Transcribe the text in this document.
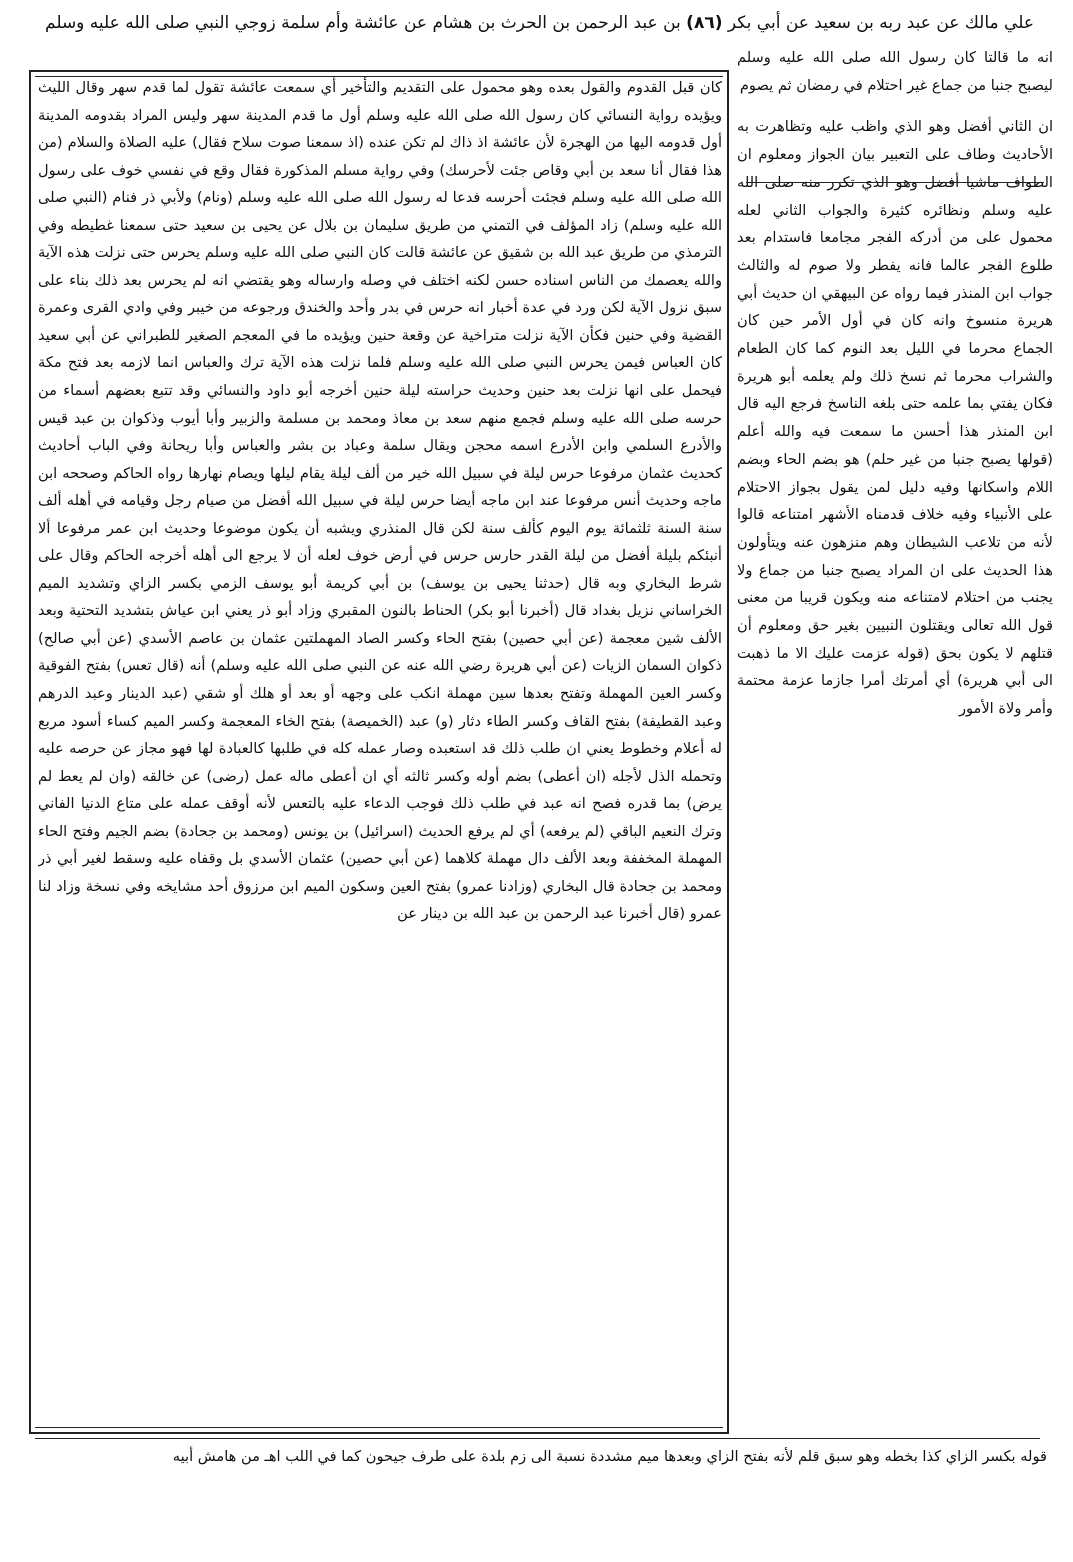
علي مالك عن عبد ربه بن سعيد عن أبي بكر (٨٦) بن عبد الرحمن بن الحرث بن هشام عن عائشة وأم سلمة زوجي النبي صلى الله عليه وسلم

كان قبل القدوم والقول بعده وهو محمول على التقديم والتأخير أي سمعت عائشة تقول لما قدم سهر وقال الليث ويؤيده رواية النسائي كان رسول الله صلى الله عليه وسلم أول ما قدم المدينة سهر وليس المراد بقدومه المدينة أول قدومه اليها من الهجرة لأن عائشة اذ ذاك لم تكن عنده (اذ سمعنا صوت سلاح فقال) عليه الصلاة والسلام (من هذا فقال أنا سعد بن أبي وقاص جئت لأحرسك) وفي رواية مسلم المذكورة فقال وقع في نفسي خوف على رسول الله صلى الله عليه وسلم فجئت أحرسه فدعا له رسول الله صلى الله عليه وسلم (ونام) ولأبي ذر فنام (النبي صلى الله عليه وسلم) زاد المؤلف في التمني من طريق سليمان بن بلال عن يحيى بن سعيد حتى سمعنا غطيطه وفي الترمذي من طريق عبد الله بن شقيق عن عائشة قالت كان النبي صلى الله عليه وسلم يحرس حتى نزلت هذه الآية والله يعصمك من الناس اسناده حسن لكنه اختلف في وصله وارساله وهو يقتضي انه لم يحرس بعد ذلك بناء على سبق نزول الآية لكن ورد في عدة أخبار انه حرس في بدر وأحد والخندق ورجوعه من خيبر وفي وادي القرى وعمرة القضية وفي حنين فكأن الآية نزلت متراخية عن وقعة حنين ويؤيده ما في المعجم الصغير للطبراني عن أبي سعيد كان العباس فيمن يحرس النبي صلى الله عليه وسلم فلما نزلت هذه الآية ترك والعباس انما لازمه بعد فتح مكة فيحمل على انها نزلت بعد حنين وحديث حراسته ليلة حنين أخرجه أبو داود والنسائي وقد تتبع بعضهم أسماء من حرسه صلى الله عليه وسلم فجمع منهم سعد بن معاذ ومحمد بن مسلمة والزبير وأبا أيوب وذكوان بن عبد قيس والأدرع السلمي وابن الأدرع اسمه محجن ويقال سلمة وعباد بن بشر والعباس وأبا ريحانة وفي الباب أحاديث كحديث عثمان مرفوعا حرس ليلة في سبيل الله خير من ألف ليلة يقام ليلها ويصام نهارها رواه الحاكم وصححه ابن ماجه وحديث أنس مرفوعا عند ابن ماجه أيضا حرس ليلة في سبيل الله أفضل من صيام رجل وقيامه في أهله ألف سنة السنة ثلثمائة يوم اليوم كألف سنة لكن قال المنذري ويشبه أن يكون موضوعا وحديث ابن عمر مرفوعا ألا أنبئكم بليلة أفضل من ليلة القدر حارس حرس في أرض خوف لعله أن لا يرجع الى أهله أخرجه الحاكم وقال على شرط البخاري وبه قال (حدثنا يحيى بن يوسف) بن أبي كريمة أبو يوسف الزمي بكسر الزاي وتشديد الميم الخراساني نزيل بغداد قال (أخبرنا أبو بكر) الحناط بالنون المقبري وزاد أبو ذر يعني ابن عياش بتشديد التحتية وبعد الألف شين معجمة (عن أبي حصين) بفتح الحاء وكسر الصاد المهملتين عثمان بن عاصم الأسدي (عن أبي صالح) ذكوان السمان الزيات (عن أبي هريرة رضي الله عنه عن النبي صلى الله عليه وسلم) أنه (قال تعس) بفتح الفوقية وكسر العين المهملة وتفتح بعدها سين مهملة انكب على وجهه أو بعد أو هلك أو شقي (عبد الدينار وعبد الدرهم وعبد القطيفة) بفتح القاف وكسر الطاء دثار (و) عبد (الخميصة) بفتح الخاء المعجمة وكسر الميم كساء أسود مربع له أعلام وخطوط يعني ان طلب ذلك قد استعبده وصار عمله كله في طلبها كالعبادة لها فهو مجاز عن حرصه عليه وتحمله الذل لأجله (ان أعطى) بضم أوله وكسر ثالثه أي ان أعطى ماله عمل (رضى) عن خالقه (وان لم يعط لم يرض) بما قدره فصح انه عبد في طلب ذلك فوجب الدعاء عليه بالتعس لأنه أوقف عمله على متاع الدنيا الفاني وترك النعيم الباقي (لم يرفعه) أي لم يرفع الحديث (اسرائيل) بن يونس (ومحمد بن جحادة) بضم الجيم وفتح الحاء المهملة المخففة وبعد الألف دال مهملة كلاهما (عن أبي حصين) عثمان الأسدي بل وقفاه عليه وسقط لغير أبي ذر ومحمد بن جحادة قال البخاري (وزادنا عمرو) بفتح العين وسكون الميم ابن مرزوق أحد مشايخه وفي نسخة وزاد لنا عمرو (قال أخبرنا عبد الرحمن بن عبد الله بن دينار عن

انه ما قالتا كان رسول الله صلى الله عليه وسلم ليصبح جنبا من جماع غير احتلام في رمضان ثم يصوم

ان الثاني أفضل وهو الذي واظب عليه وتظاهرت به الأحاديث وطاف على التعبير بيان الجواز ومعلوم ان الطواف ماشيا أفضل وهو الذي تكرر منه صلى الله عليه وسلم ونظائره كثيرة والجواب الثاني لعله محمول على من أدركه الفجر مجامعا فاستدام بعد طلوع الفجر عالما فانه يفطر ولا صوم له والثالث جواب ابن المنذر فيما رواه عن البيهقي ان حديث أبي هريرة منسوخ وانه كان في أول الأمر حين كان الجماع محرما في الليل بعد النوم كما كان الطعام والشراب محرما ثم نسخ ذلك ولم يعلمه أبو هريرة فكان يفتي بما علمه حتى بلغه الناسخ فرجع اليه قال ابن المنذر هذا أحسن ما سمعت فيه والله أعلم (قولها يصبح جنبا من غير حلم) هو بضم الحاء وبضم اللام واسكانها وفيه دليل لمن يقول بجواز الاحتلام على الأنبياء وفيه خلاف قدمناه الأشهر امتناعه قالوا لأنه من تلاعب الشيطان وهم منزهون عنه ويتأولون هذا الحديث على ان المراد يصبح جنبا من جماع ولا يجنب من احتلام لامتناعه منه ويكون قريبا من معنى قول الله تعالى ويقتلون النبيين بغير حق ومعلوم أن قتلهم لا يكون بحق (قوله عزمت عليك الا ما ذهبت الى أبي هريرة) أي أمرتك أمرا جازما عزمة محتمة وأمر ولاة الأمور

قوله بكسر الزاي كذا بخطه وهو سبق قلم لأنه بفتح الزاي وبعدها ميم مشددة نسبة الى زم بلدة على طرف جيحون كما في اللب اهـ من هامش أبيه
